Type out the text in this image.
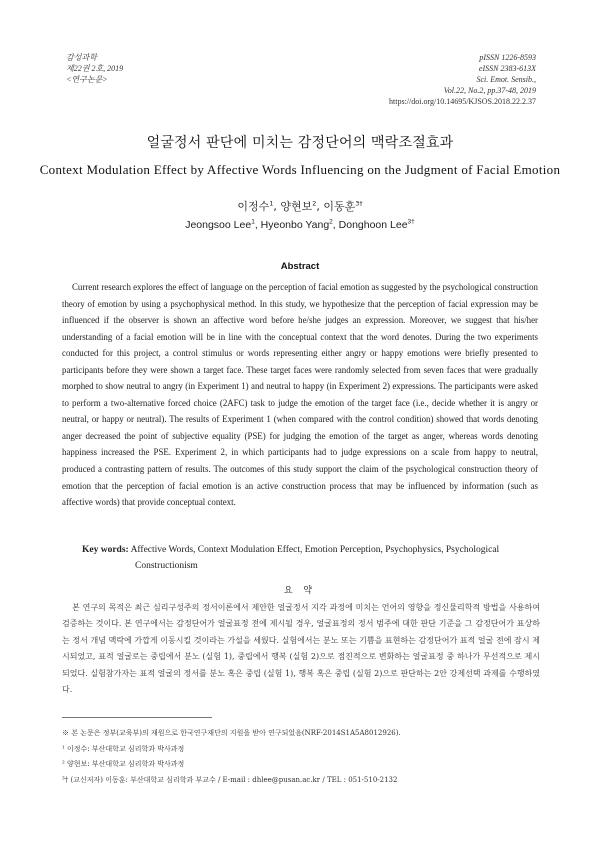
감성과학
제22권 2호, 2019
<연구논문>
pISSN 1226-8593
eISSN 2383-613X
Sci. Emot. Sensib.,
Vol.22, No.2, pp.37-48, 2019
https://doi.org/10.14695/KJSOS.2018.22.2.37
얼굴정서 판단에 미치는 감정단어의 맥락조절효과
Context Modulation Effect by Affective Words Influencing on the Judgment of Facial Emotion
이정수$^1$, 양현보$^2$, 이동훈$^{3\dagger}$
Jeongsoo Lee$^1$, Hyeonbo Yang$^2$, Donghoon Lee$^{3\dagger}$
Abstract

Current research explores the effect of language on the perception of facial emotion as suggested by the psychological construction theory of emotion by using a psychophysical method. In this study, we hypothesize that the perception of facial expression may be influenced if the observer is shown an affective word before he/she judges an expression. Moreover, we suggest that his/her understanding of a facial emotion will be in line with the conceptual context that the word denotes. During the two experiments conducted for this project, a control stimulus or words representing either angry or happy emotions were briefly presented to participants before they were shown a target face. These target faces were randomly selected from seven faces that were gradually morphed to show neutral to angry (in Experiment 1) and neutral to happy (in Experiment 2) expressions. The participants were asked to perform a two-alternative forced choice (2AFC) task to judge the emotion of the target face (i.e., decide whether it is angry or neutral, or happy or neutral). The results of Experiment 1 (when compared with the control condition) showed that words denoting anger decreased the point of subjective equality (PSE) for judging the emotion of the target as anger, whereas words denoting happiness increased the PSE. Experiment 2, in which participants had to judge expressions on a scale from happy to neutral, produced a contrasting pattern of results. The outcomes of this study support the claim of the psychological construction theory of emotion that the perception of facial emotion is an active construction process that may be influenced by information (such as affective words) that provide conceptual context.

Key words: Affective Words, Context Modulation Effect, Emotion Perception, Psychophysics, Psychological Constructionism
요 약

본 연구의 목적은 최근 심리구성주의 정서이론에서 제안한 얼굴정서 지각 과정에 미치는 언어의 영향을 정신물리학적 방법을 사용하여 검증하는 것이다. 본 연구에서는 감정단어가 얼굴표정 전에 제시될 경우, 얼굴표정의 정서 범주에 대한 판단 기준을 그 감정단어가 표상하는 정서 개념 맥락에 가깝게 이동시킬 것이라는 가설을 세웠다. 실험에서는 분노 또는 기쁨을 표현하는 감정단어가 표적 얼굴 전에 잠시 제시되었고, 표적 얼굴로는 중립에서 분노 (실험 1), 중립에서 행복 (실험 2)으로 점진적으로 변화하는 얼굴표정 중 하나가 무선적으로 제시되었다. 실험참가자는 표적 얼굴의 정서를 분노 혹은 중립 (실험 1), 행복 혹은 중립 (실험 2)으로 판단하는 2안 강제선택 과제를 수행하였다.

※ 본 논문은 정부(교육부)의 재원으로 한국연구재단의 지원을 받아 연구되었음(NRF-2014S1A5A8012926).
¹ 이정수: 부산대학교 심리학과 박사과정
² 양현보: 부산대학교 심리학과 박사과정
³† (교신저자) 이동훈: 부산대학교 심리학과 부교수 / E-mail : dhlee@pusan.ac.kr / TEL : 051-510-2132
